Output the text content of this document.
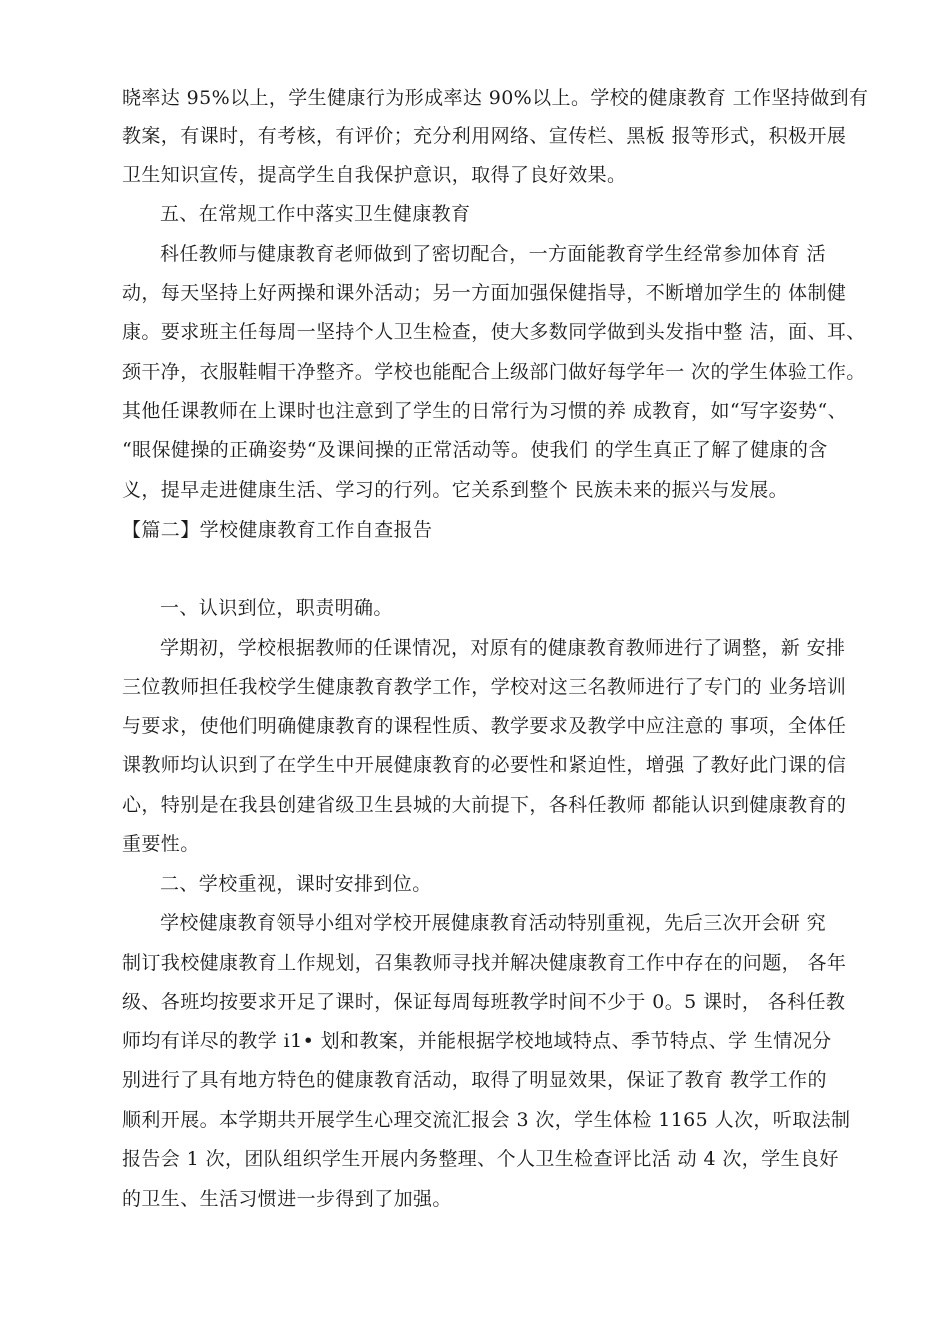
晓率达 95%以上，学生健康行为形成率达 90%以上。学校的健康教育 工作坚持做到有
教案，有课时，有考核，有评价；充分利用网络、宣传栏、黑板 报等形式，积极开展
卫生知识宣传，提高学生自我保护意识，取得了良好效果。
五、在常规工作中落实卫生健康教育
科任教师与健康教育老师做到了密切配合，一方面能教育学生经常参加体育 活
动，每天坚持上好两操和课外活动；另一方面加强保健指导，不断增加学生的 体制健
康。要求班主任每周一坚持个人卫生检查，使大多数同学做到头发指中整 洁，面、耳、
颈干净，衣服鞋帽干净整齐。学校也能配合上级部门做好每学年一 次的学生体验工作。
其他任课教师在上课时也注意到了学生的日常行为习惯的养 成教育，如“写字姿势“、
“眼保健操的正确姿势“及课间操的正常活动等。使我们 的学生真正了解了健康的含
义，提早走进健康生活、学习的行列。它关系到整个 民族未来的振兴与发展。
【篇二】学校健康教育工作自查报告
一、认识到位，职责明确。
学期初，学校根据教师的任课情况，对原有的健康教育教师进行了调整，新 安排
三位教师担任我校学生健康教育教学工作，学校对这三名教师进行了专门的 业务培训
与要求，使他们明确健康教育的课程性质、教学要求及教学中应注意的 事项，全体任
课教师均认识到了在学生中开展健康教育的必要性和紧迫性，增强 了教好此门课的信
心，特别是在我县创建省级卫生县城的大前提下，各科任教师 都能认识到健康教育的
重要性。
二、学校重视，课时安排到位。
学校健康教育领导小组对学校开展健康教育活动特别重视，先后三次开会研 究
制订我校健康教育丄作规划，召集教师寻找并解决健康教育工作中存在的问题， 各年
级、各班均按要求开足了课时，保证每周每班教学时间不少于 0。5 课时， 各科任教
师均有详尽的教学 i1• 划和教案，并能根据学校地域特点、季节特点、学 生情况分
别进行了具有地方特色的健康教育活动，取得了明显效果，保证了教育 教学工作的
顺利开展。本学期共开展学生心理交流汇报会 3 次，学生体检 1165 人次，听取法制
报告会 1 次，团队组织学生开展内务整理、个人卫生检查评比活 动 4 次，学生良好
的卫生、生活习惯进一步得到了加强。
